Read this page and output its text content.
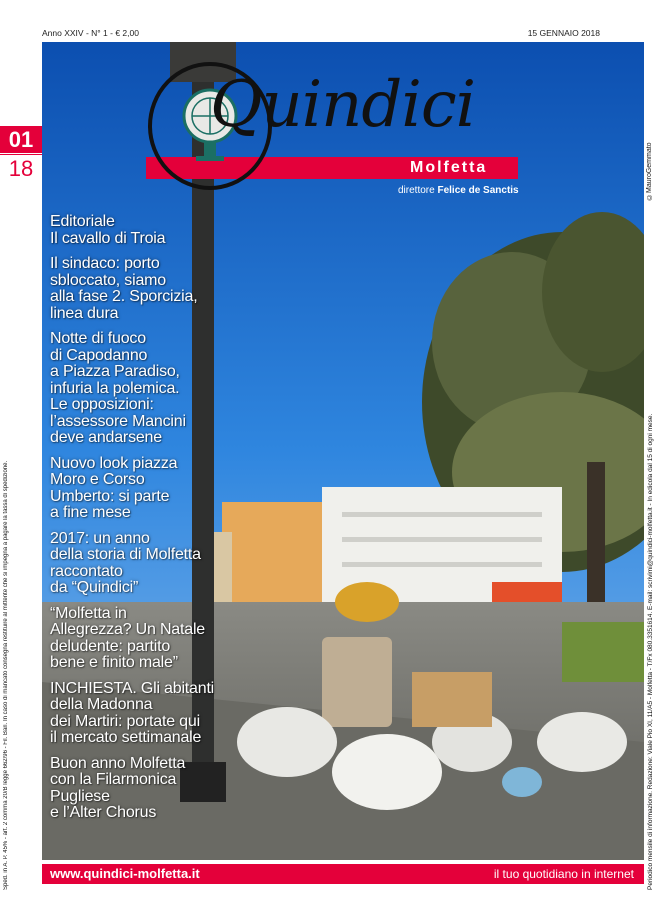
Anno XXIV - N° 1 - € 2,00	15 GENNAIO 2018
©MauroGemmato
01
18
Sped. in A. P. 45% - art. 2 comma 20/B legge 662/96 - Fil. Bari. In caso di mancato consegna restituire al mittente che si impegna a pagare la tassa di spedizione.	Periodico mensile di informazione. Redazione: Viale Pio XI, 11/A5 - Molfetta - T/Fx 080.3351614. E-mail: scrivimi@quindici-molfetta.it - In edicola dal 15 di ogni mese.
Quindici
Molfetta
direttore Felice de Sanctis
Editoriale
Il cavallo di Troia
Il sindaco: porto
sbloccato, siamo
alla fase 2. Sporcizia,
linea dura
Notte di fuoco
di Capodanno
a Piazza Paradiso,
infuria la polemica.
Le opposizioni:
l’assessore Mancini
deve andarsene
Nuovo look piazza
Moro e Corso
Umberto: si parte
a fine mese
2017: un anno
della storia di Molfetta
raccontato
da “Quindici”
“Molfetta in
Allegrezza? Un Natale
deludente: partito
bene e finito male”
INCHIESTA. Gli abitanti
della Madonna
dei Martiri: portate qui
il mercato settimanale
Buon anno Molfetta
con la Filarmonica
Pugliese
e l’Alter Chorus
www.quindici-molfetta.it	il tuo quotidiano in internet
